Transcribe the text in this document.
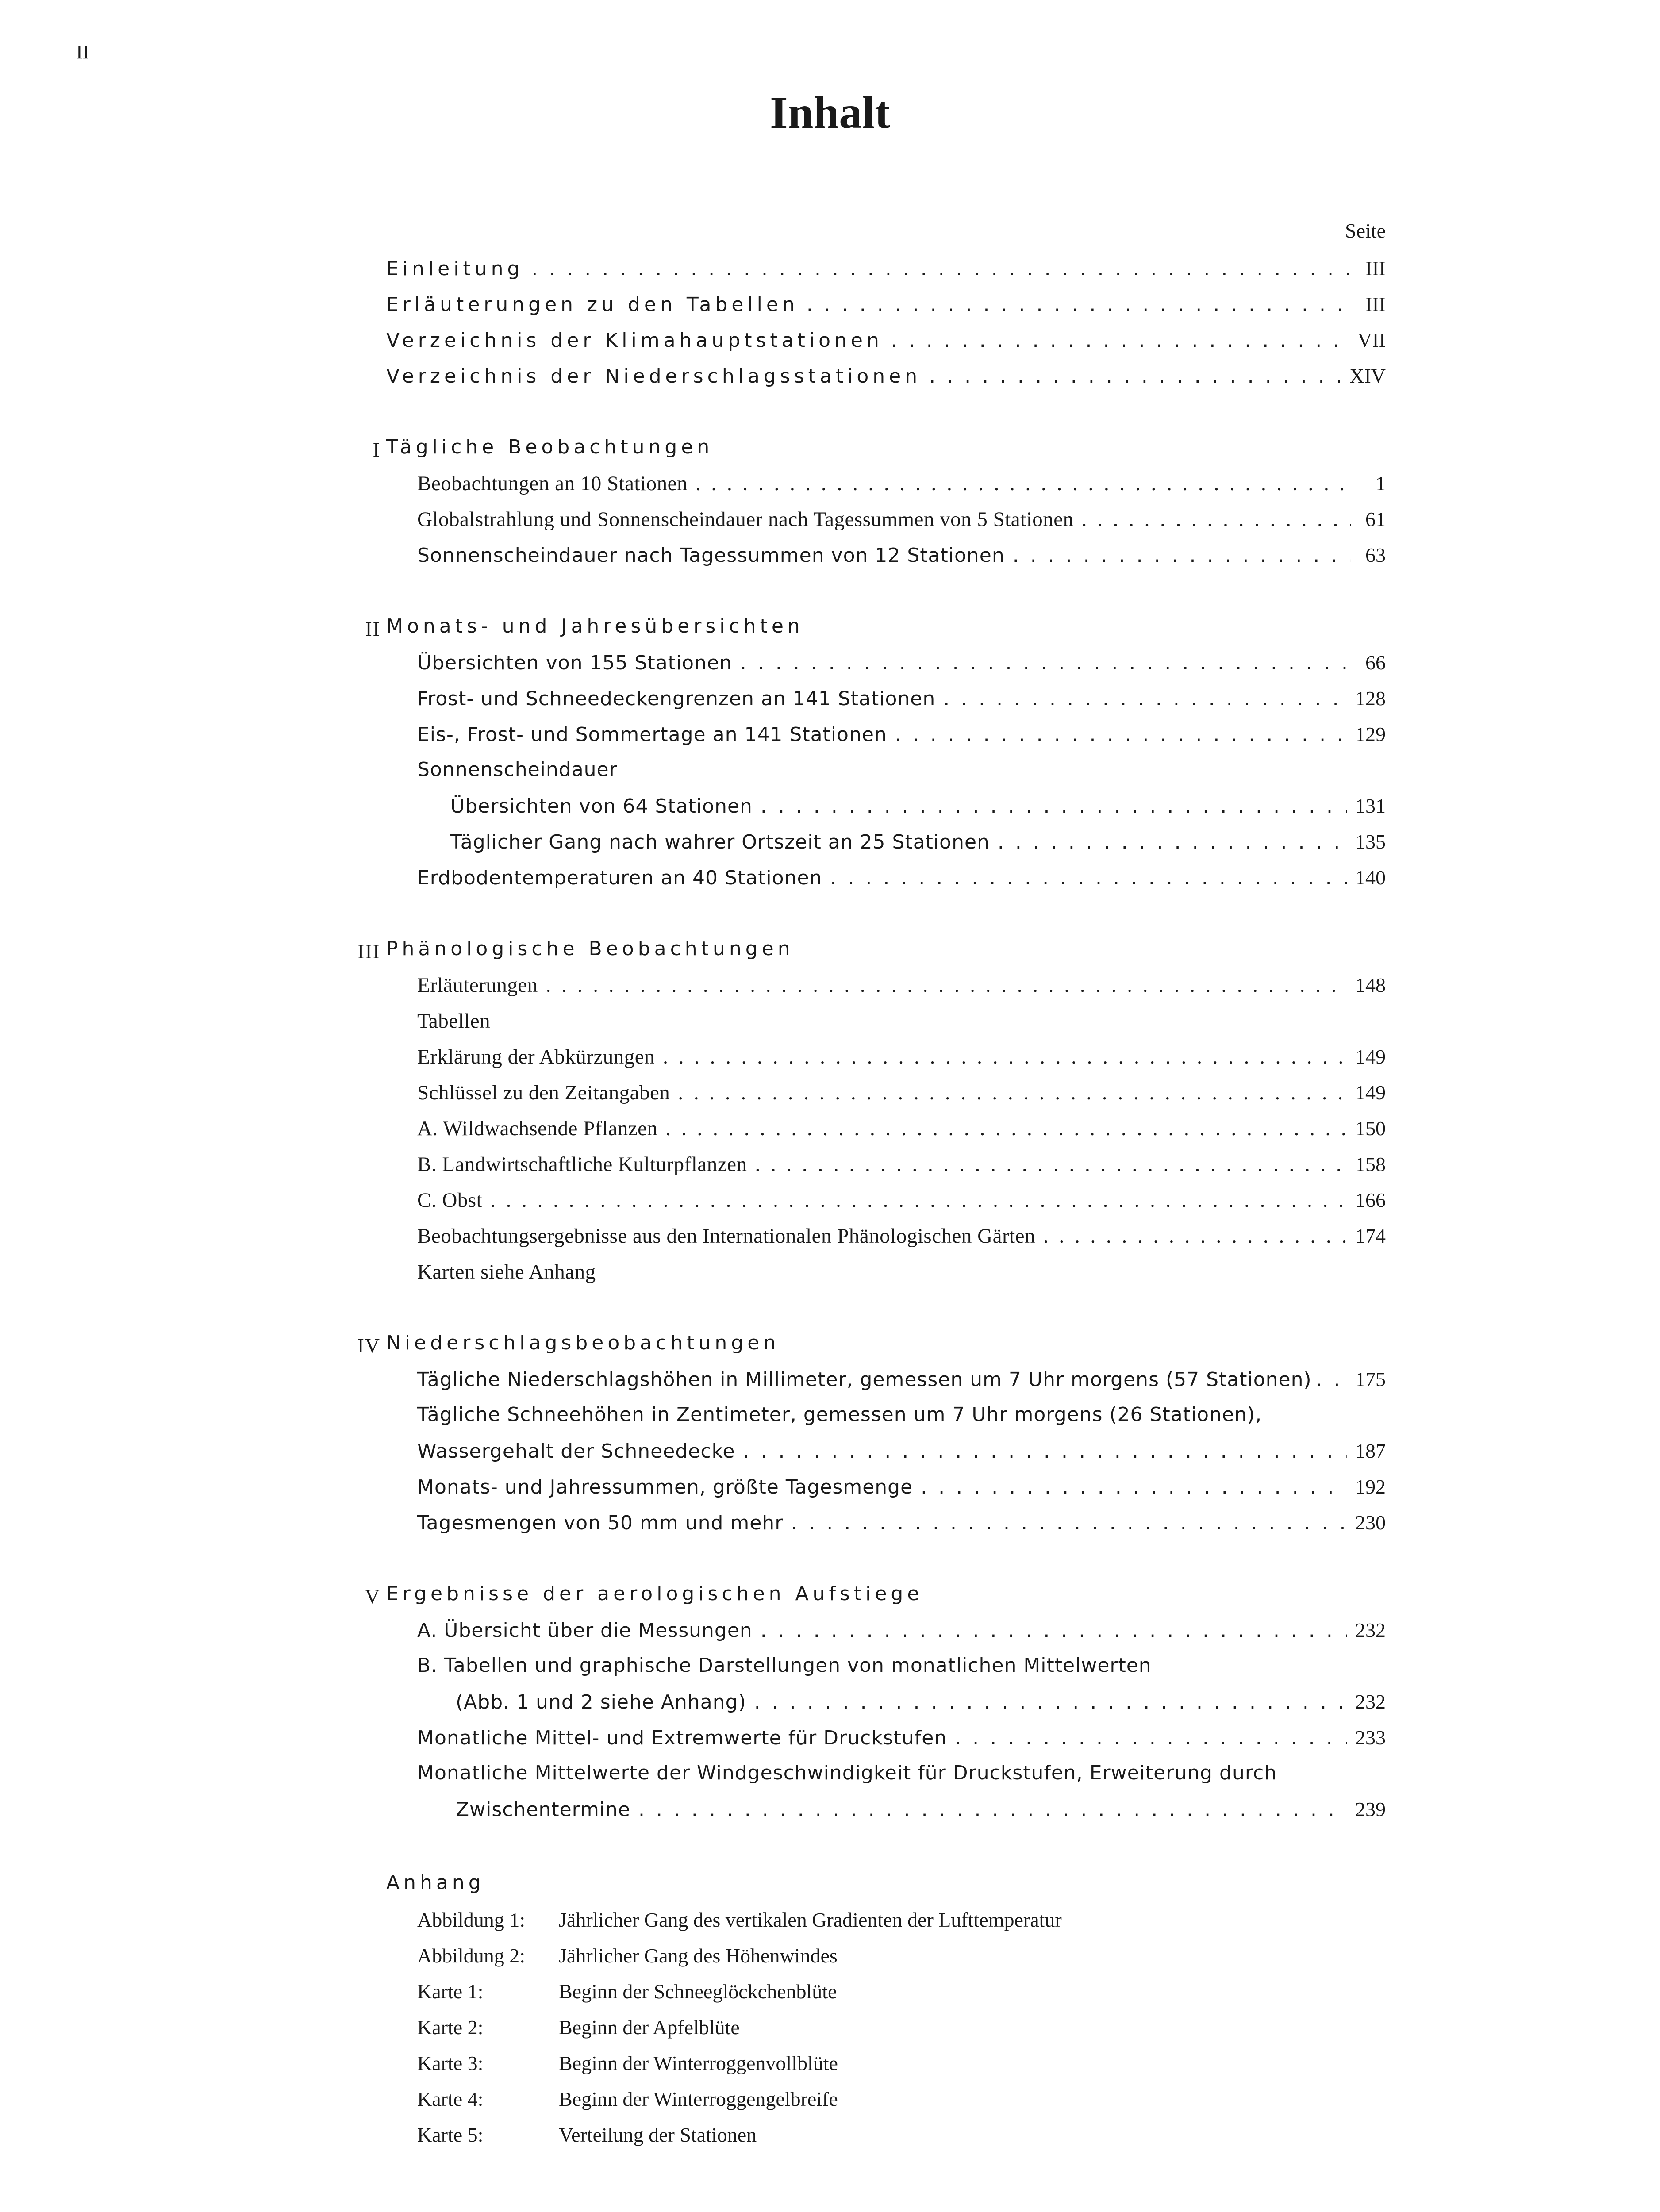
II
Inhalt
Seite
Einleitung . . .	III
Erläuterungen zu den Tabellen . . .	III
Verzeichnis der Klimahauptstationen . . .	VII
Verzeichnis der Niederschlagsstationen . . .	XIV
I Tägliche Beobachtungen
Beobachtungen an 10 Stationen . . .	1
Globalstrahlung und Sonnenscheindauer nach Tagessummen von 5 Stationen . . .	61
Sonnenscheindauer nach Tagessummen von 12 Stationen . . .	63
II Monats- und Jahresübersichten
Übersichten von 155 Stationen . . .	66
Frost- und Schneedeckengrenzen an 141 Stationen . . .	128
Eis-, Frost- und Sommertage an 141 Stationen . . .	129
Sonnenscheindauer
Übersichten von 64 Stationen . . .	131
Täglicher Gang nach wahrer Ortszeit an 25 Stationen . . .	135
Erdbodentemperaturen an 40 Stationen . . .	140
III Phänologische Beobachtungen
Erläuterungen . . .	148
Tabellen
Erklärung der Abkürzungen . . .	149
Schlüssel zu den Zeitangaben . . .	149
A. Wildwachsende Pflanzen . . .	150
B. Landwirtschaftliche Kulturpflanzen . . .	158
C. Obst . . .	166
Beobachtungsergebnisse aus den Internationalen Phänologischen Gärten . . .	174
Karten siehe Anhang
IV Niederschlagsbeobachtungen
Tägliche Niederschlagshöhen in Millimeter, gemessen um 7 Uhr morgens (57 Stationen) . . . 175
Tägliche Schneehöhen in Zentimeter, gemessen um 7 Uhr morgens (26 Stationen),
Wassergehalt der Schneedecke . . .	187
Monats- und Jahressummen, größte Tagesmenge . . .	192
Tagesmengen von 50 mm und mehr . . .	230
V Ergebnisse der aerologischen Aufstiege
A. Übersicht über die Messungen . . .	232
B. Tabellen und graphische Darstellungen von monatlichen Mittelwerten
(Abb. 1 und 2 siehe Anhang) . . .	232
Monatliche Mittel- und Extremwerte für Druckstufen . . .	233
Monatliche Mittelwerte der Windgeschwindigkeit für Druckstufen, Erweiterung durch
Zwischentermine . . .	239
Anhang
Abbildung 1: Jährlicher Gang des vertikalen Gradienten der Lufttemperatur
Abbildung 2: Jährlicher Gang des Höhenwindes
Karte 1:	Beginn der Schneeglöckchenblüte
Karte 2:	Beginn der Apfelblüte
Karte 3:	Beginn der Winterroggenvollblüte
Karte 4:	Beginn der Winterroggengelbreife
Karte 5:	Verteilung der Stationen
